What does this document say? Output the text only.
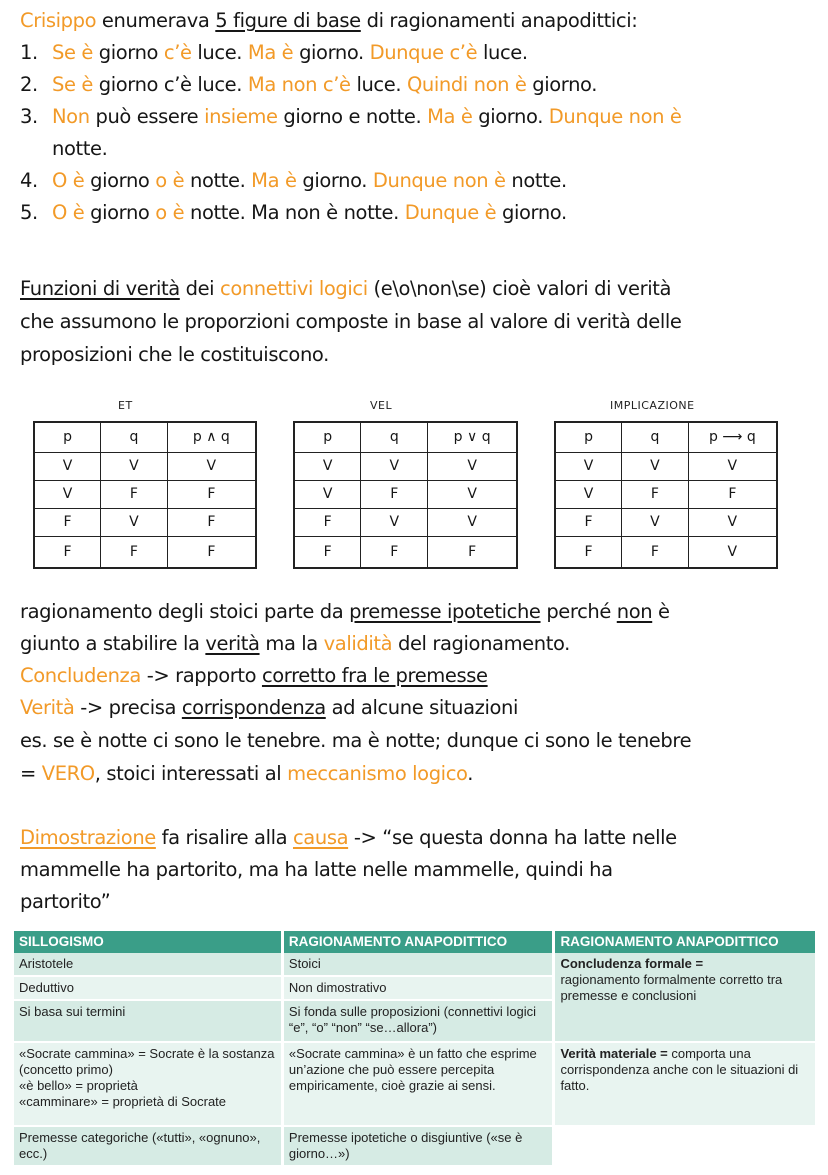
Crisippo enumerava 5 figure di base di ragionamenti anapodittici:
1. Se è giorno c’è luce. Ma è giorno. Dunque c’è luce.
2. Se è giorno c’è luce. Ma non c’è luce. Quindi non è giorno.
3. Non può essere insieme giorno e notte. Ma è giorno. Dunque non è
notte.
4. O è giorno o è notte. Ma è giorno. Dunque non è notte.
5. O è giorno o è notte. Ma non è notte. Dunque è giorno.
Funzioni di verità dei connettivi logici (e\o\non\se) cioè valori di verità
che assumono le proporzioni composte in base al valore di verità delle
proposizioni che le costituiscono.
ET	VEL	IMPLICAZIONE
p	q	p ∧ q
V	V	V
V	F	F
F	V	F
F	F	F
p	q	p ∨ q
V	V	V
V	F	V
F	V	V
F	F	F
p	q	p ⟶ q
V	V	V
V	F	F
F	V	V
F	F	V
ragionamento degli stoici parte da premesse ipotetiche perché non è
giunto a stabilire la verità ma la validità del ragionamento.
Concludenza -> rapporto corretto fra le premesse
Verità -> precisa corrispondenza ad alcune situazioni
es. se è notte ci sono le tenebre. ma è notte; dunque ci sono le tenebre
= VERO, stoici interessati al meccanismo logico.
Dimostrazione fa risalire alla causa -> “se questa donna ha latte nelle
mammelle ha partorito, ma ha latte nelle mammelle, quindi ha
partorito”
SILLOGISMO	RAGIONAMENTO ANAPODITTICO	RAGIONAMENTO ANAPODITTICO
Aristotele	Stoici	Concludenza formale =
ragionamento formalmente corretto tra premesse e conclusioni
Deduttivo	Non dimostrativo	
Si basa sui termini	Si fonda sulle proposizioni (connettivi logici “e”, “o” “non” “se…allora”)	
«Socrate cammina» = Socrate è la sostanza (concetto primo)
«è bello» = proprietà
«camminare» = proprietà di Socrate	«Socrate cammina» è un fatto che esprime un’azione che può essere percepita empiricamente, cioè grazie ai sensi.	Verità materiale = comporta una corrispondenza anche con le situazioni di fatto.
Premesse categoriche («tutti», «ognuno», ecc.)	Premesse ipotetiche o disgiuntive («se è giorno…»)	
